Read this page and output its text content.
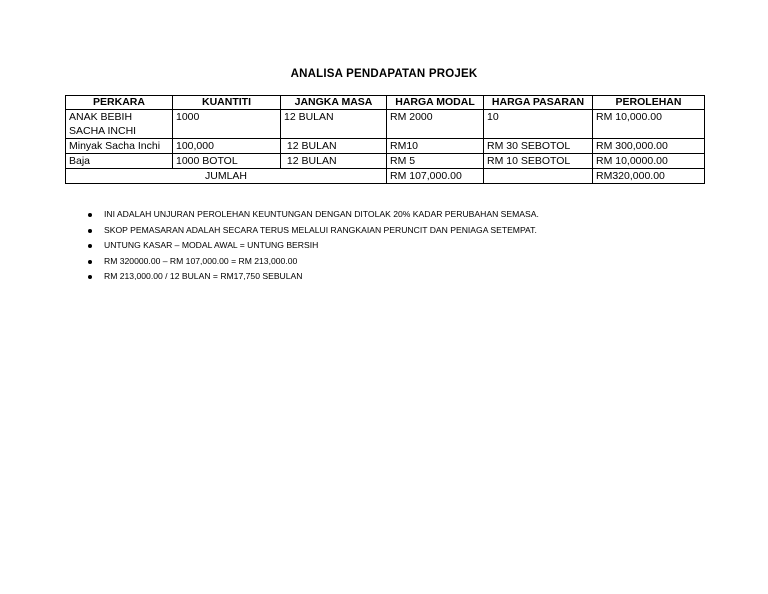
ANALISA PENDAPATAN PROJEK
PERKARA	KUANTITI	JANGKA MASA	HARGA MODAL	HARGA PASARAN	PEROLEHAN
ANAK BEBIH SACHA INCHI	1000	12 BULAN	RM 2000	10	RM 10,000.00
Minyak Sacha Inchi	100,000	12 BULAN	RM10	RM 30 SEBOTOL	RM 300,000.00
Baja	1000 BOTOL	12 BULAN	RM 5	RM 10 SEBOTOL	RM 10,0000.00
JUMLAH			RM 107,000.00		RM320,000.00
INI ADALAH UNJURAN PEROLEHAN KEUNTUNGAN DENGAN DITOLAK 20% KADAR PERUBAHAN SEMASA.
SKOP PEMASARAN ADALAH SECARA TERUS MELALUI RANGKAIAN PERUNCIT DAN PENIAGA SETEMPAT.
UNTUNG KASAR – MODAL AWAL = UNTUNG BERSIH
RM 320000.00 – RM 107,000.00 = RM 213,000.00
RM 213,000.00 / 12 BULAN = RM17,750 SEBULAN
